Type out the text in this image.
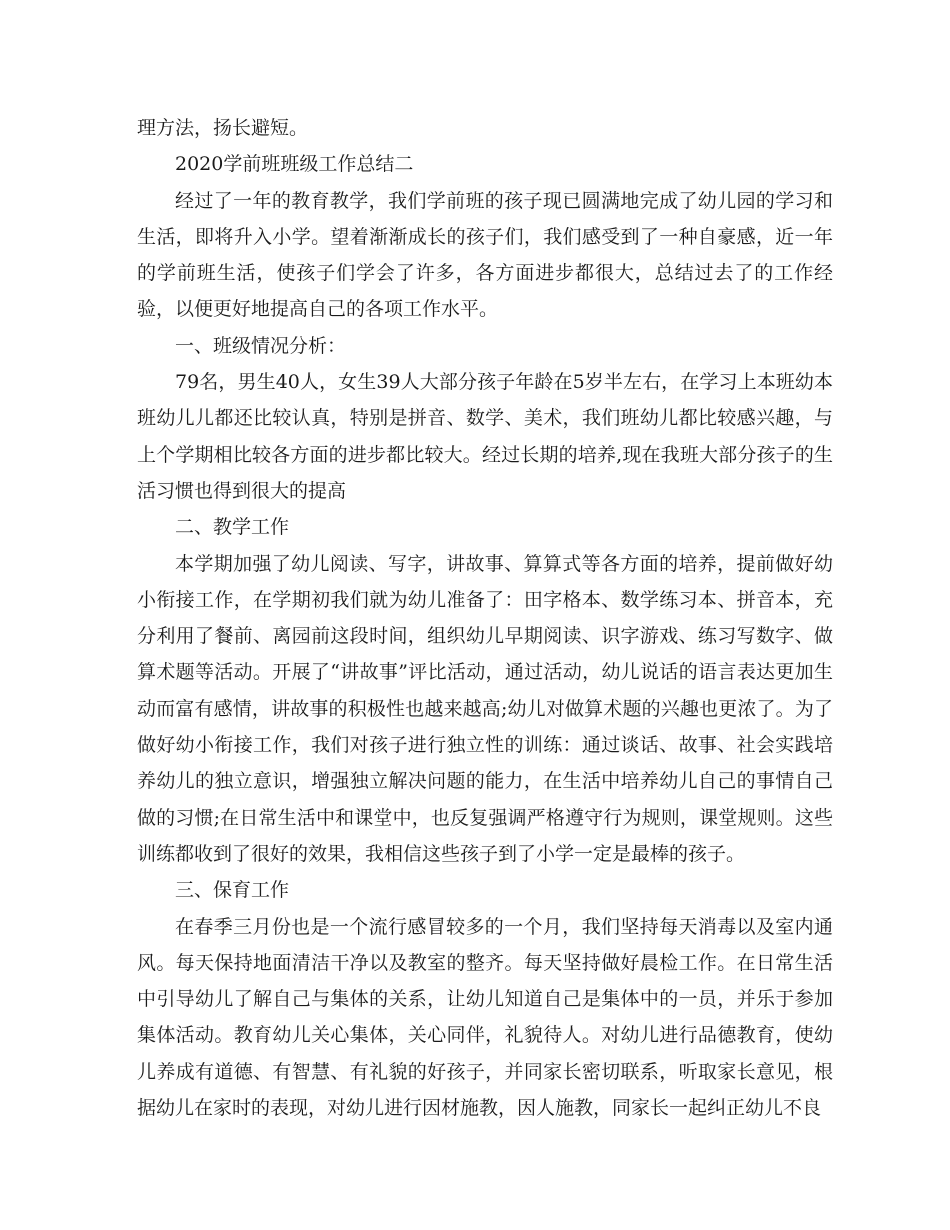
理方法，扬长避短。

2020学前班班级工作总结二

经过了一年的教育教学，我们学前班的孩子现已圆满地完成了幼儿园的学习和生活，即将升入小学。望着渐渐成长的孩子们，我们感受到了一种自豪感，近一年的学前班生活，使孩子们学会了许多，各方面进步都很大，总结过去了的工作经验，以便更好地提高自己的各项工作水平。

一、班级情况分析：

79名，男生40人，女生39人大部分孩子年龄在5岁半左右，在学习上本班幼本班幼儿儿都还比较认真，特别是拼音、数学、美术，我们班幼儿都比较感兴趣，与上个学期相比较各方面的进步都比较大。经过长期的培养,现在我班大部分孩子的生活习惯也得到很大的提高

二、教学工作

本学期加强了幼儿阅读、写字，讲故事、算算式等各方面的培养，提前做好幼小衔接工作，在学期初我们就为幼儿准备了：田字格本、数学练习本、拼音本，充分利用了餐前、离园前这段时间，组织幼儿早期阅读、识字游戏、练习写数字、做算术题等活动。开展了“讲故事”评比活动，通过活动，幼儿说话的语言表达更加生动而富有感情，讲故事的积极性也越来越高;幼儿对做算术题的兴趣也更浓了。为了做好幼小衔接工作，我们对孩子进行独立性的训练：通过谈话、故事、社会实践培养幼儿的独立意识，增强独立解决问题的能力，在生活中培养幼儿自己的事情自己做的习惯;在日常生活中和课堂中，也反复强调严格遵守行为规则，课堂规则。这些训练都收到了很好的效果，我相信这些孩子到了小学一定是最棒的孩子。

三、保育工作

在春季三月份也是一个流行感冒较多的一个月，我们坚持每天消毒以及室内通风。每天保持地面清洁干净以及教室的整齐。每天坚持做好晨检工作。在日常生活中引导幼儿了解自己与集体的关系，让幼儿知道自己是集体中的一员，并乐于参加集体活动。教育幼儿关心集体，关心同伴，礼貌待人。对幼儿进行品德教育，使幼儿养成有道德、有智慧、有礼貌的好孩子，并同家长密切联系，听取家长意见，根据幼儿在家时的表现，对幼儿进行因材施教，因人施教，同家长一起纠正幼儿不良
